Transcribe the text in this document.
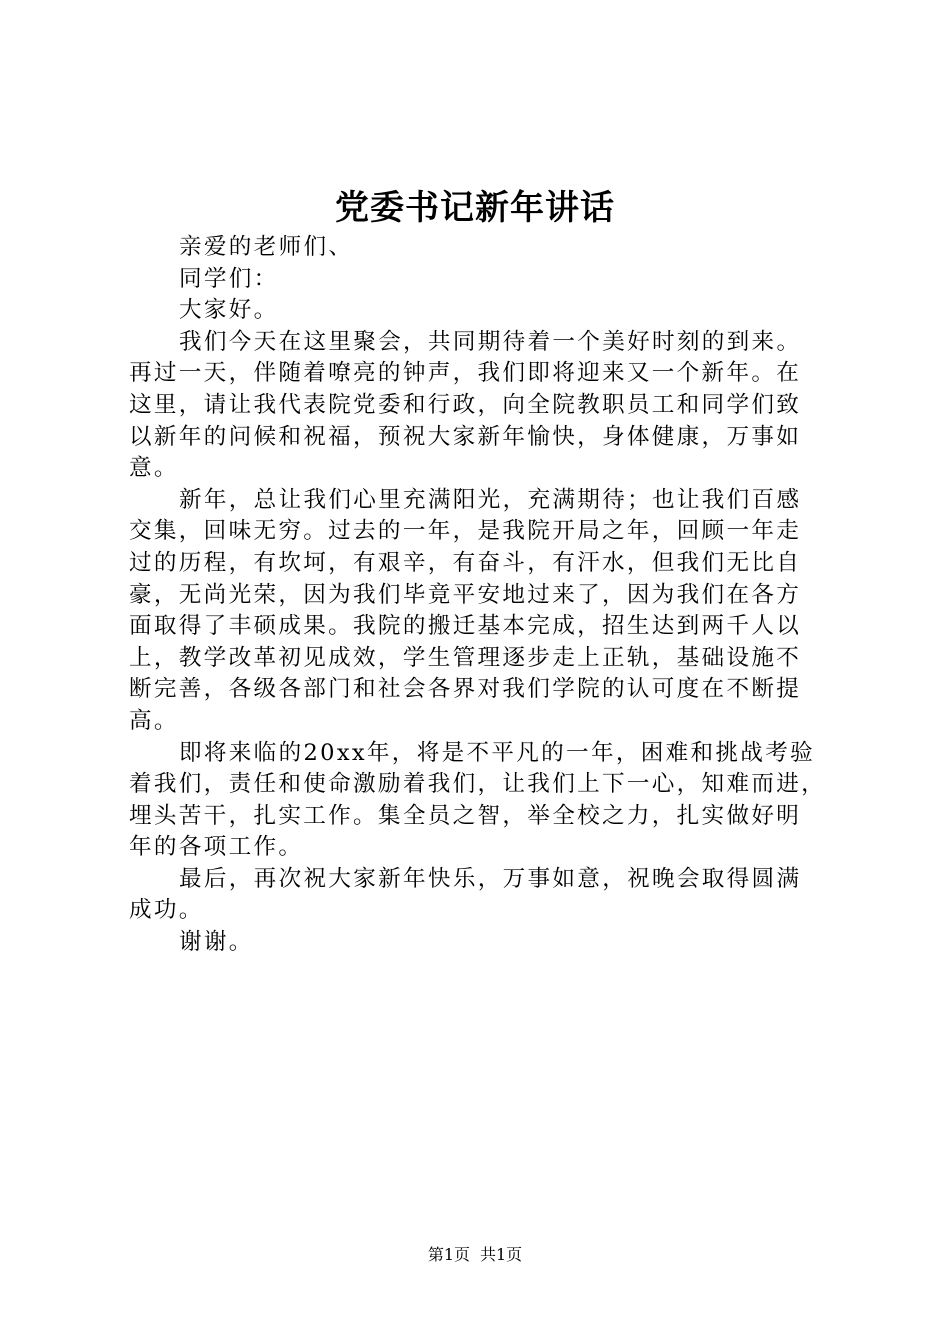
党委书记新年讲话
亲爱的老师们、
同学们：
大家好。
我们今天在这里聚会，共同期待着一个美好时刻的到来。
再过一天，伴随着嘹亮的钟声，我们即将迎来又一个新年。在
这里，请让我代表院党委和行政，向全院教职员工和同学们致
以新年的问候和祝福，预祝大家新年愉快，身体健康，万事如
意。
新年，总让我们心里充满阳光，充满期待；也让我们百感
交集，回味无穷。过去的一年，是我院开局之年，回顾一年走
过的历程，有坎坷，有艰辛，有奋斗，有汗水，但我们无比自
豪，无尚光荣，因为我们毕竟平安地过来了，因为我们在各方
面取得了丰硕成果。我院的搬迁基本完成，招生达到两千人以
上，教学改革初见成效，学生管理逐步走上正轨，基础设施不
断完善，各级各部门和社会各界对我们学院的认可度在不断提
高。
即将来临的20xx年，将是不平凡的一年，困难和挑战考验
着我们，责任和使命激励着我们，让我们上下一心，知难而进，
埋头苦干，扎实工作。集全员之智，举全校之力，扎实做好明
年的各项工作。
最后，再次祝大家新年快乐，万事如意，祝晚会取得圆满
成功。
谢谢。
第1页 共1页
